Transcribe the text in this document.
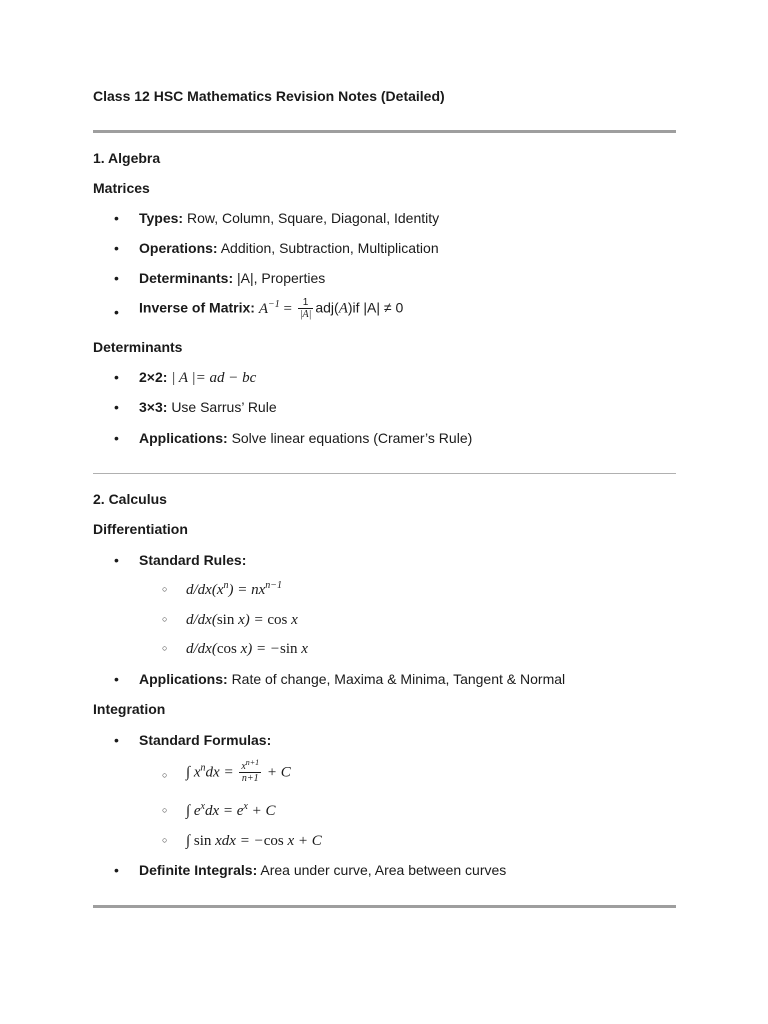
Class 12 HSC Mathematics Revision Notes (Detailed)
1. Algebra
Matrices
Types: Row, Column, Square, Diagonal, Identity
Operations: Addition, Subtraction, Multiplication
Determinants: |A|, Properties
Inverse of Matrix: $A^{-1} = \frac{1}{|A|} adj(A)if$ |A| ≠ 0
Determinants
2×2: | A |= ad − bc
3×3: Use Sarrus’ Rule
Applications: Solve linear equations (Cramer’s Rule)
2. Calculus
Differentiation
Standard Rules:
$d/dx(x^n) = nx^{n-1}$
d/dx(sin x) = cos x
d/dx(cos x) = −sin x
Applications: Rate of change, Maxima & Minima, Tangent & Normal
Integration
Standard Formulas:
∫ $x^ndx = \frac{x^{n+1}}{n+1} + C$
∫ $e^xdx = e^x + C$
∫ sin xdx = −cos x + C
Definite Integrals: Area under curve, Area between curves
